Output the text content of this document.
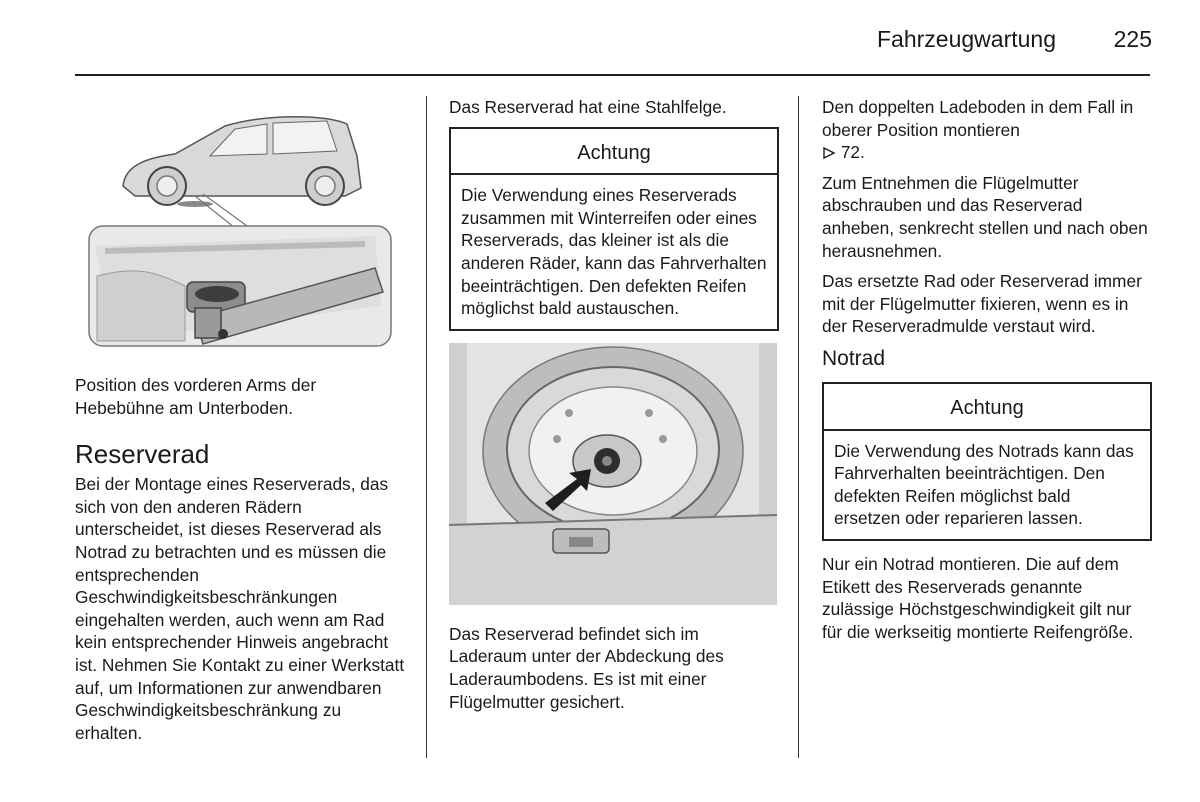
Fahrzeugwartung	225

Position des vorderen Arms der Hebebühne am Unterboden.

Reserverad

Bei der Montage eines Reserverads, das sich von den anderen Rädern unterscheidet, ist dieses Reserverad als Notrad zu betrachten und es müssen die entsprechenden Geschwindigkeitsbeschränkungen eingehalten werden, auch wenn am Rad kein entsprechender Hinweis angebracht ist. Nehmen Sie Kontakt zu einer Werkstatt auf, um Informationen zur anwendbaren Geschwindigkeitsbeschränkung zu erhalten.

Das Reserverad hat eine Stahlfelge.

Achtung
Die Verwendung eines Reserverads zusammen mit Winterreifen oder eines Reserverads, das kleiner ist als die anderen Räder, kann das Fahrverhalten beeinträchtigen. Den defekten Reifen möglichst bald austauschen.

Das Reserverad befindet sich im Laderaum unter der Abdeckung des Laderaumbodens. Es ist mit einer Flügelmutter gesichert.

Den doppelten Ladeboden in dem Fall in oberer Position montieren
72.

Zum Entnehmen die Flügelmutter abschrauben und das Reserverad anheben, senkrecht stellen und nach oben herausnehmen.

Das ersetzte Rad oder Reserverad immer mit der Flügelmutter fixieren, wenn es in der Reserveradmulde verstaut wird.

Notrad
Achtung
Die Verwendung des Notrads kann das Fahrverhalten beeinträchtigen. Den defekten Reifen möglichst bald ersetzen oder reparieren lassen.

Nur ein Notrad montieren. Die auf dem Etikett des Reserverads genannte zulässige Höchstgeschwindigkeit gilt nur für die werkseitig montierte Reifengröße.
